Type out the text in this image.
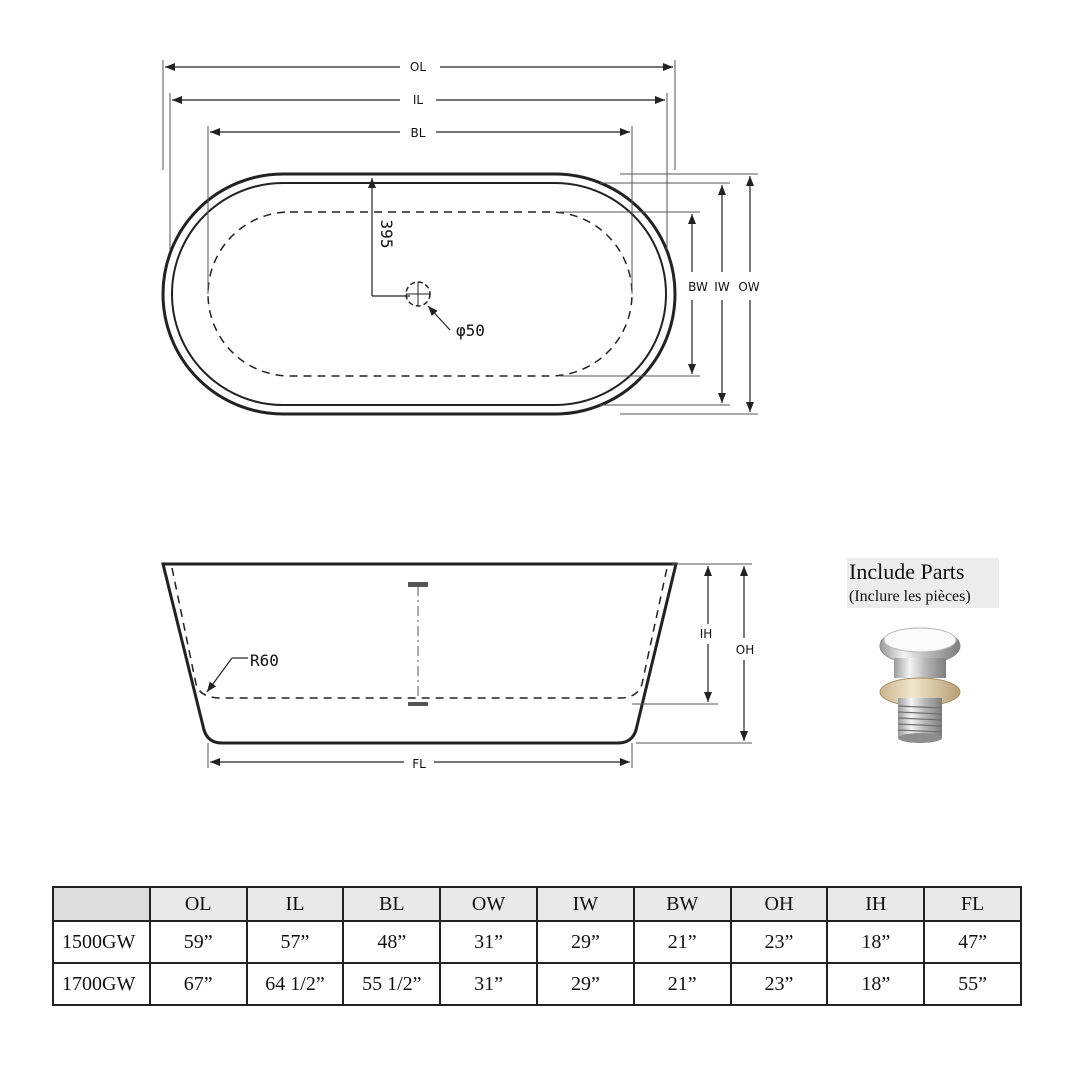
OL
IL
BL
BW IW OW
395
φ50
R60
IH
OH
FL
Include Parts
(Inclure les pièces)
	OL	IL	BL	OW	IW	BW	OH	IH	FL
1500GW	59”	57”	48”	31”	29”	21”	23”	18”	47”
1700GW	67”	64 1/2”	55 1/2”	31”	29”	21”	23”	18”	55”
